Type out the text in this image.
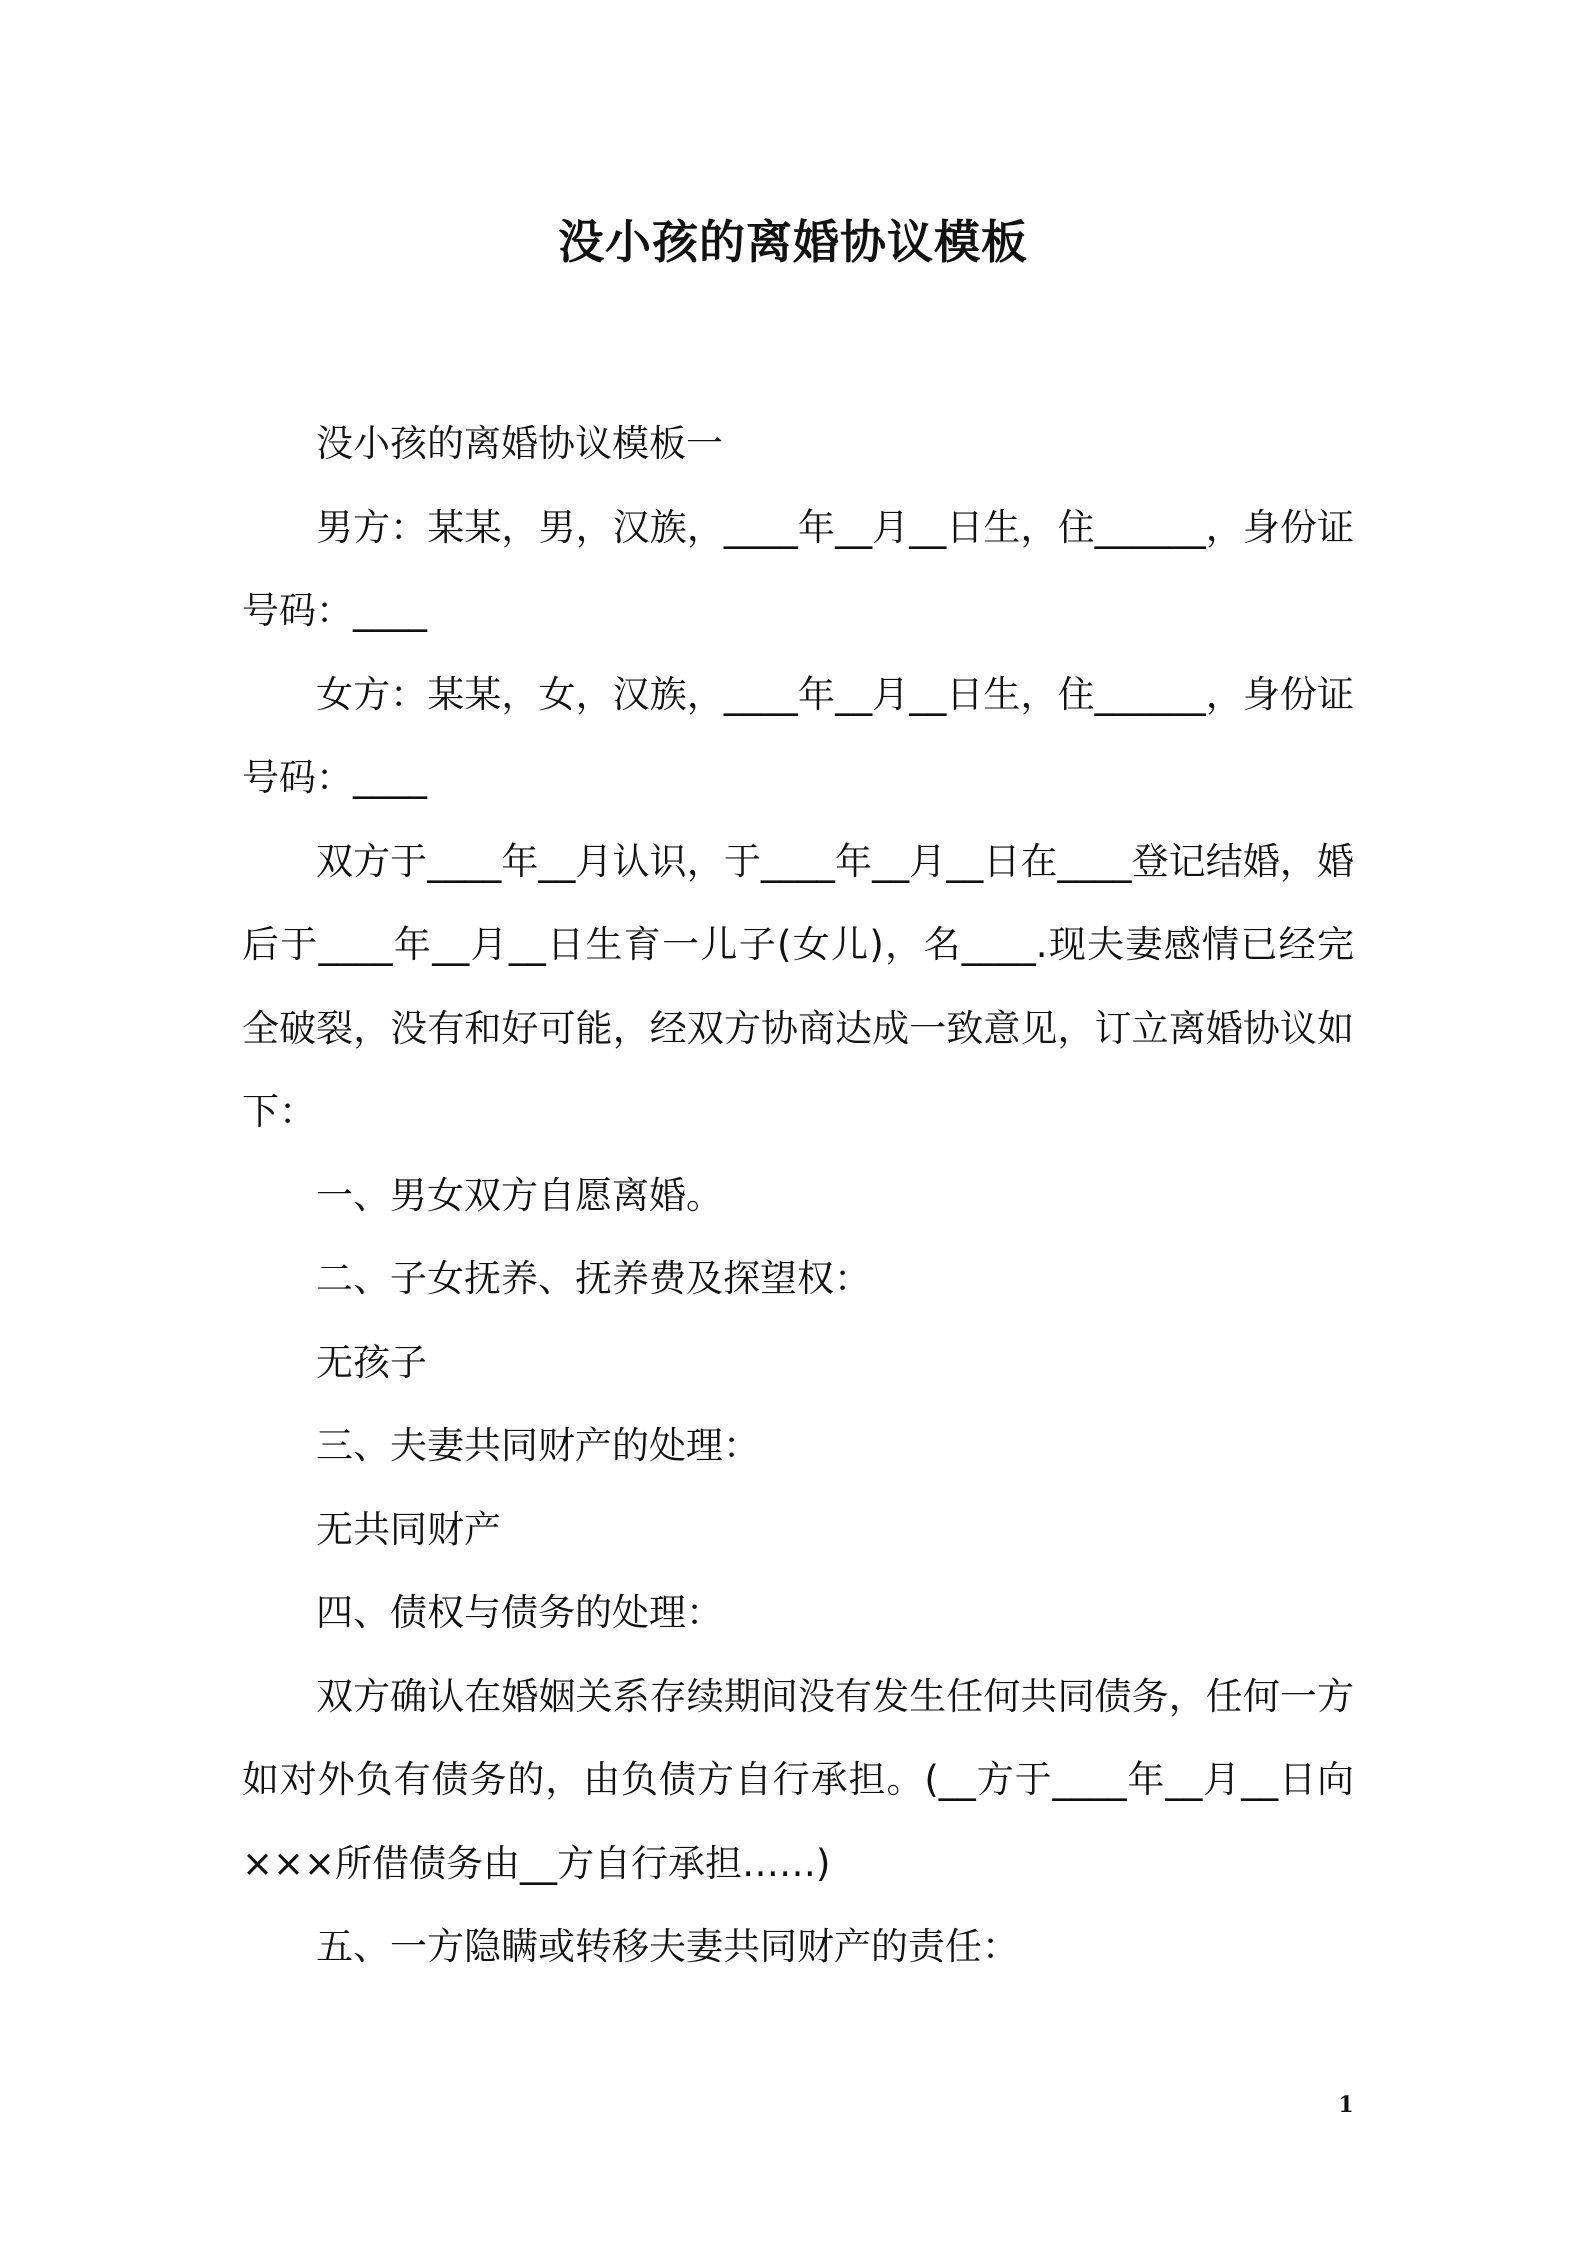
没小孩的离婚协议模板

没小孩的离婚协议模板一

男方：某某，男，汉族，____年__月__日生，住______，身份证号码：____

女方：某某，女，汉族，____年__月__日生，住______，身份证号码：____

双方于____年__月认识，于____年__月__日在____登记结婚，婚后于____年__月__日生育一儿子(女儿)，名____.现夫妻感情已经完全破裂，没有和好可能，经双方协商达成一致意见，订立离婚协议如下：

一、男女双方自愿离婚。

二、子女抚养、抚养费及探望权：

无孩子

三、夫妻共同财产的处理：

无共同财产

四、债权与债务的处理：

双方确认在婚姻关系存续期间没有发生任何共同债务，任何一方如对外负有债务的，由负债方自行承担。(__方于____年__月__日向×××所借债务由__方自行承担……)

五、一方隐瞒或转移夫妻共同财产的责任：

1
